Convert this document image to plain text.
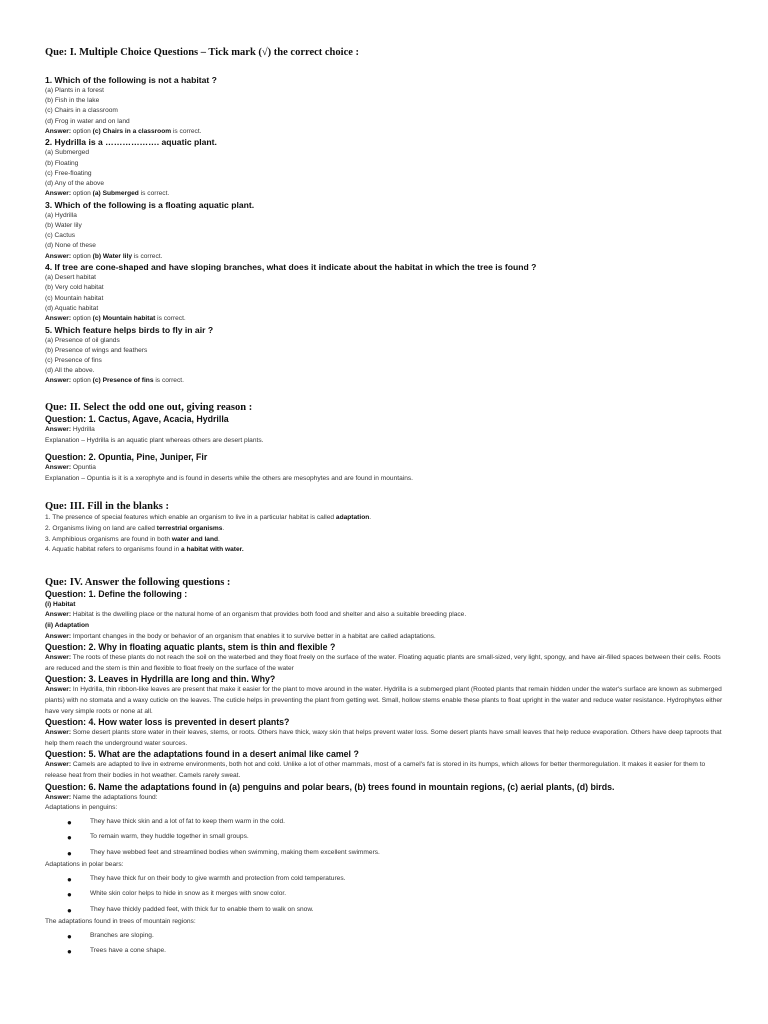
Que: I. Multiple Choice Questions – Tick mark (√) the correct choice :
1. Which of the following is not a habitat ?
(a) Plants in a forest
(b) Fish in the lake
(c) Chairs in a classroom
(d) Frog in water and on land
Answer: option (c) Chairs in a classroom is correct.
2. Hydrilla is a ………………. aquatic plant.
(a) Submerged
(b) Floating
(c) Free-floating
(d) Any of the above
Answer: option (a) Submerged is correct.
3. Which of the following is a floating aquatic plant.
(a) Hydrilla
(b) Water lily
(c) Cactus
(d) None of these
Answer: option (b) Water lily is correct.
4. If tree are cone-shaped and have sloping branches, what does it indicate about the habitat in which the tree is found ?
(a) Desert habitat
(b) Very cold habitat
(c) Mountain habitat
(d) Aquatic habitat
Answer: option (c) Mountain habitat is correct.
5. Which feature helps birds to fly in air ?
(a) Presence of oil glands
(b) Presence of wings and feathers
(c) Presence of fins
(d) All the above.
Answer: option (c) Presence of fins is correct.
Que: II. Select the odd one out, giving reason :
Question: 1. Cactus, Agave, Acacia, Hydrilla
Answer: Hydrilla
Explanation – Hydrilla is an aquatic plant whereas others are desert plants.
Question: 2. Opuntia, Pine, Juniper, Fir
Answer: Opuntia
Explanation – Opuntia is it is a xerophyte and is found in deserts while the others are mesophytes and are found in mountains.
Que: III. Fill in the blanks :
1. The presence of special features which enable an organism to live in a particular habitat is called adaptation.
2. Organisms living on land are called terrestrial organisms.
3. Amphibious organisms are found in both water and land.
4. Aquatic habitat refers to organisms found in a habitat with water.
Que: IV. Answer the following questions :
Question: 1. Define the following :
(i) Habitat
Answer: Habitat is the dwelling place or the natural home of an organism that provides both food and shelter and also a suitable breeding place.
(ii) Adaptation
Answer: Important changes in the body or behavior of an organism that enables it to survive better in a habitat are called adaptations.
Question: 2. Why in floating aquatic plants, stem is thin and flexible ?
Answer: The roots of these plants do not reach the soil on the waterbed and they float freely on the surface of the water. Floating aquatic plants are small-sized, very light, spongy, and have air-filled spaces between their cells. Roots are reduced and the stem is thin and flexible to float freely on the surface of the water
Question: 3. Leaves in Hydrilla are long and thin. Why?
Answer: In Hydrilla, thin ribbon-like leaves are present that make it easier for the plant to move around in the water. Hydrilla is a submerged plant (Rooted plants that remain hidden under the water's surface are known as submerged plants) with no stomata and a waxy cuticle on the leaves. The cuticle helps in preventing the plant from getting wet. Small, hollow stems enable these plants to float upright in the water and reduce water resistance. Hydrophytes either have very simple roots or none at all.
Question: 4. How water loss is prevented in desert plants?
Answer: Some desert plants store water in their leaves, stems, or roots. Others have thick, waxy skin that helps prevent water loss. Some desert plants have small leaves that help reduce evaporation. Others have deep taproots that help them reach the underground water sources.
Question: 5. What are the adaptations found in a desert animal like camel ?
Answer: Camels are adapted to live in extreme environments, both hot and cold. Unlike a lot of other mammals, most of a camel's fat is stored in its humps, which allows for better thermoregulation. It makes it easier for them to release heat from their bodies in hot weather. Camels rarely sweat.
Question: 6. Name the adaptations found in (a) penguins and polar bears, (b) trees found in mountain regions, (c) aerial plants, (d) birds.
Answer: Name the adaptations found:
Adaptations in penguins:
●	They have thick skin and a lot of fat to keep them warm in the cold.
●	To remain warm, they huddle together in small groups.
●	They have webbed feet and streamlined bodies when swimming, making them excellent swimmers.
Adaptations in polar bears:
●	They have thick fur on their body to give warmth and protection from cold temperatures.
●	White skin color helps to hide in snow as it merges with snow color.
●	They have thickly padded feet, with thick fur to enable them to walk on snow.
The adaptations found in trees of mountain regions:
●	Branches are sloping.
●	Trees have a cone shape.
